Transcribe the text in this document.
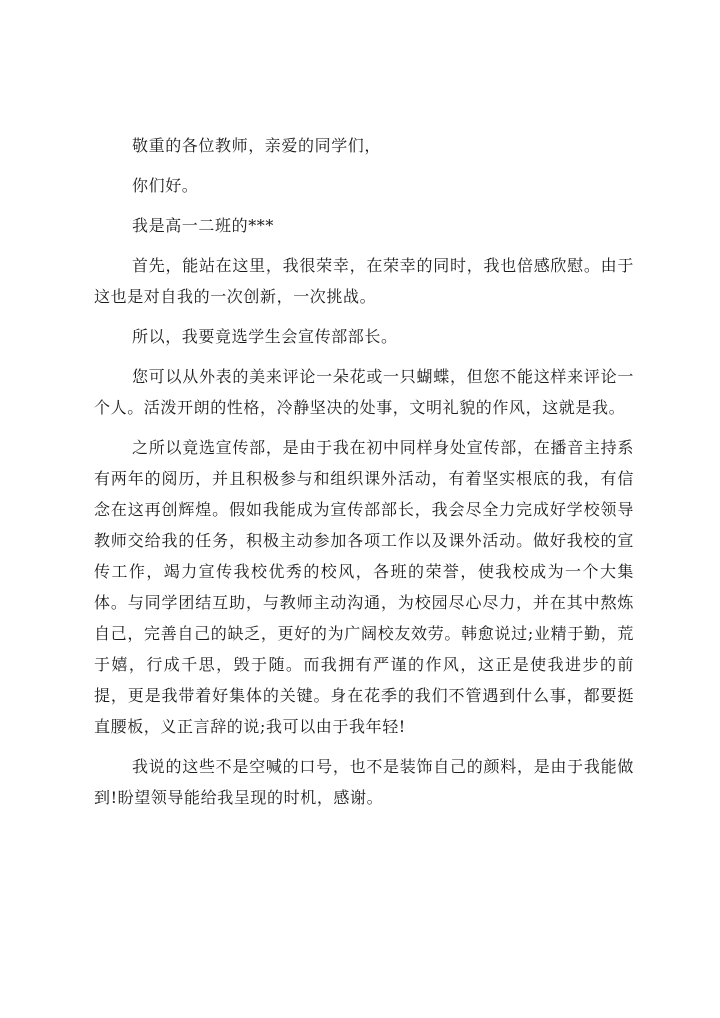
敬重的各位教师，亲爱的同学们，

你们好。

我是高一二班的***

首先，能站在这里，我很荣幸，在荣幸的同时，我也倍感欣慰。由于这也是对自我的一次创新，一次挑战。

所以，我要竟选学生会宣传部部长。

您可以从外表的美来评论一朵花或一只蝴蝶，但您不能这样来评论一个人。活泼开朗的性格，冷静坚决的处事，文明礼貌的作风，这就是我。

之所以竟选宣传部，是由于我在初中同样身处宣传部，在播音主持系有两年的阅历，并且积极参与和组织课外活动，有着坚实根底的我，有信念在这再创辉煌。假如我能成为宣传部部长，我会尽全力完成好学校领导教师交给我的任务，积极主动参加各项工作以及课外活动。做好我校的宣传工作，竭力宣传我校优秀的校风，各班的荣誉，使我校成为一个大集体。与同学团结互助，与教师主动沟通，为校园尽心尽力，并在其中熬炼自己，完善自己的缺乏，更好的为广阔校友效劳。韩愈说过;业精于勤，荒于嬉，行成千思，毁于随。而我拥有严谨的作风，这正是使我进步的前提，更是我带着好集体的关键。身在花季的我们不管遇到什么事，都要挺直腰板，义正言辞的说;我可以由于我年轻!

我说的这些不是空喊的口号，也不是装饰自己的颜料，是由于我能做到!盼望领导能给我呈现的时机，感谢。
